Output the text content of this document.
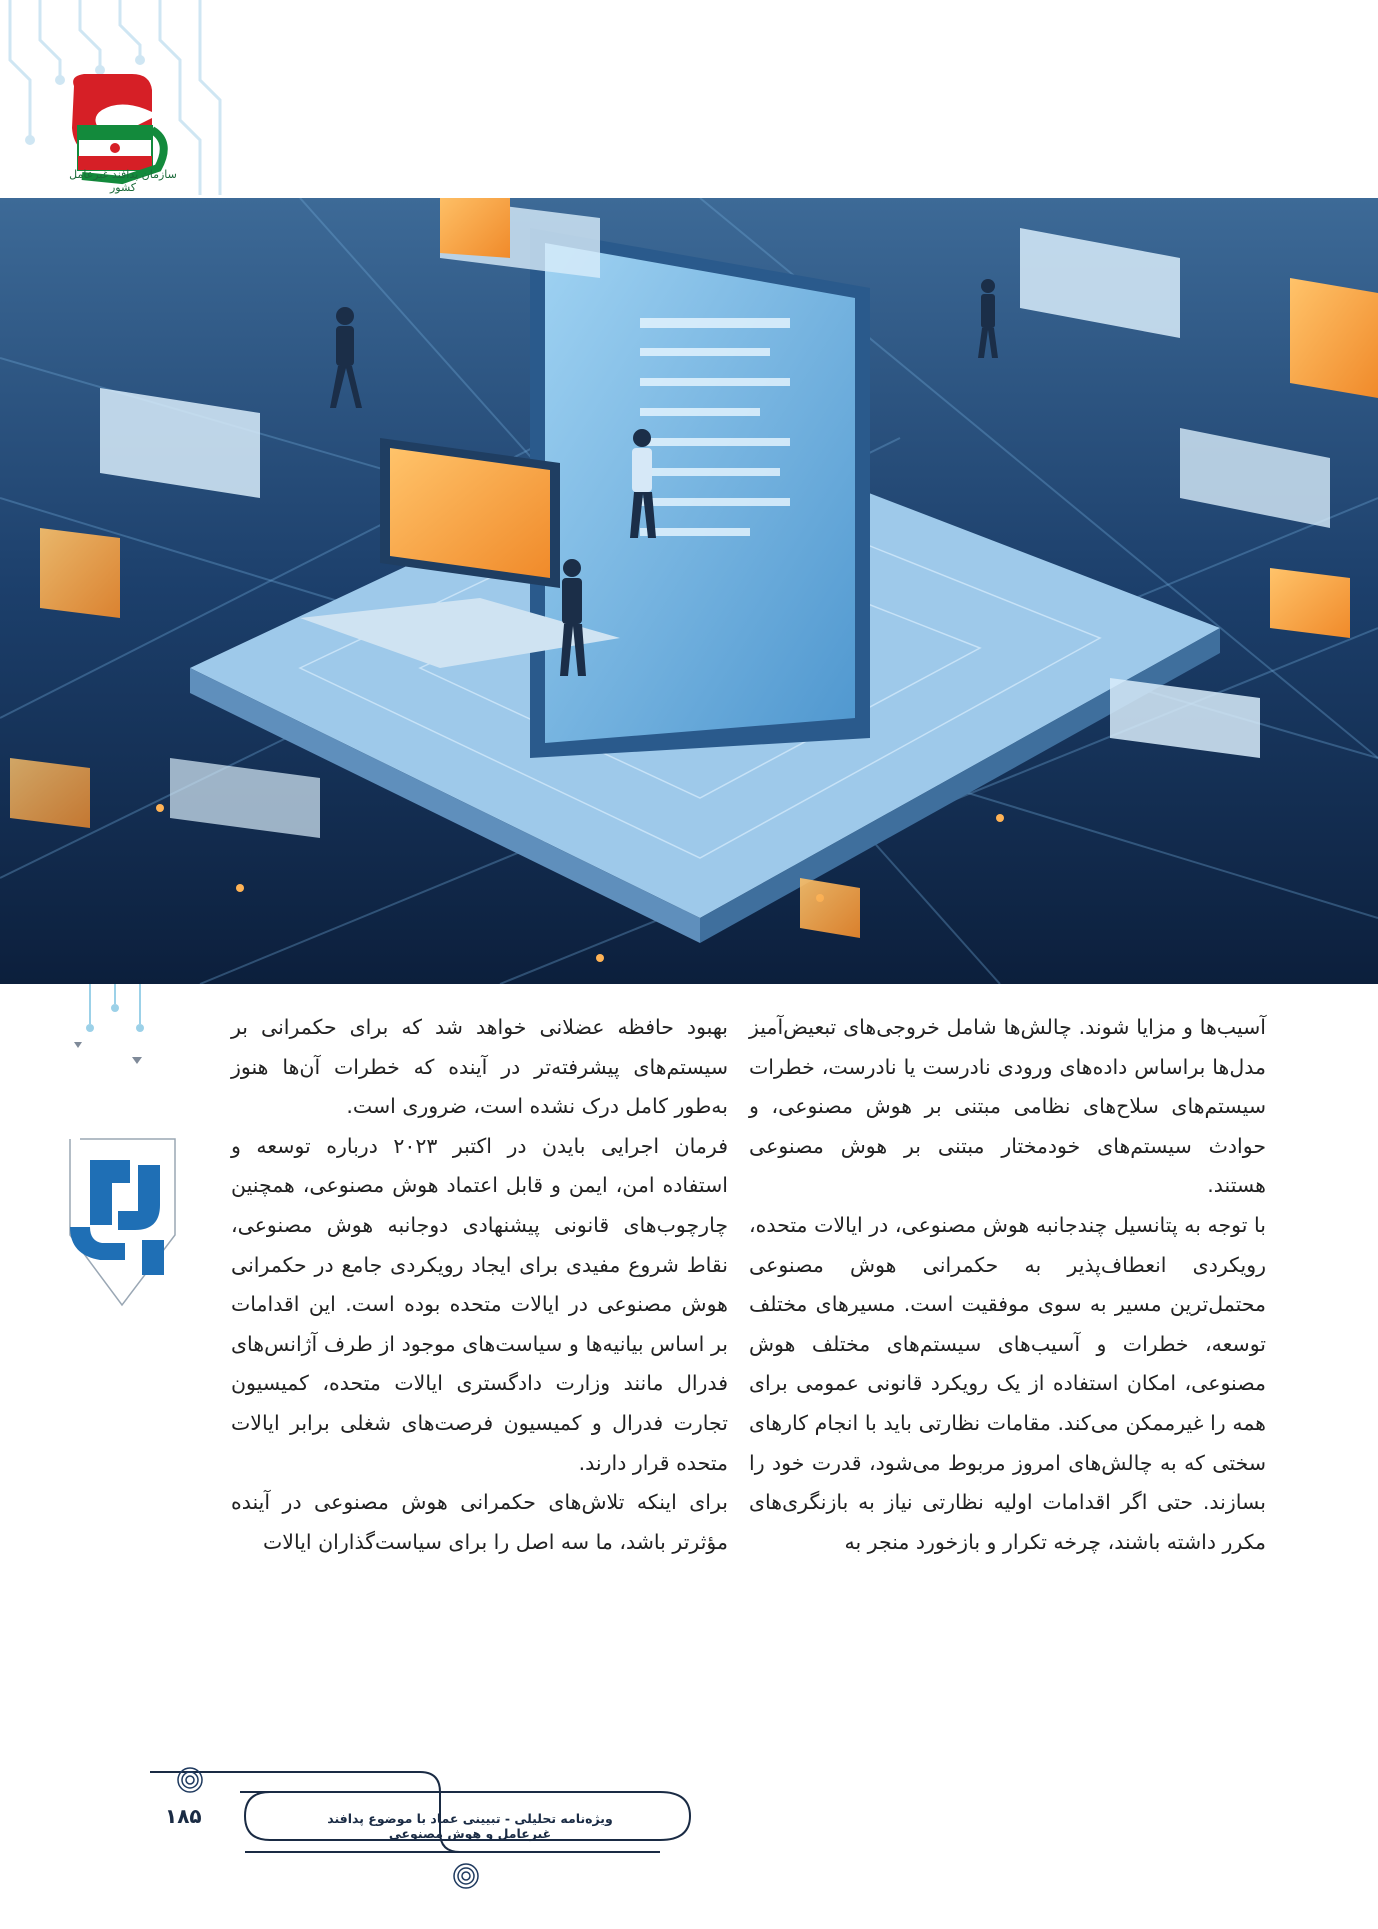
سازمان پدافند غیرعامل کشور

آسیب‌ها و مزایا شوند. چالش‌ها شامل خروجی‌های تبعیض‌آمیز مدل‌ها براساس داده‌های ورودی نادرست یا نادرست، خطرات سیستم‌های سلاح‌های نظامی مبتنی بر هوش مصنوعی، و حوادث سیستم‌های خودمختار مبتنی بر هوش مصنوعی هستند.

با توجه به پتانسیل چندجانبه هوش مصنوعی، در ایالات متحده، رویکردی انعطاف‌پذیر به حکمرانی هوش مصنوعی محتمل‌ترین مسیر به سوی موفقیت است. مسیرهای مختلف توسعه، خطرات و آسیب‌های سیستم‌های مختلف هوش مصنوعی، امکان استفاده از یک رویکرد قانونی عمومی برای همه را غیرممکن می‌کند. مقامات نظارتی باید با انجام کارهای سختی که به چالش‌های امروز مربوط می‌شود، قدرت خود را بسازند. حتی اگر اقدامات اولیه نظارتی نیاز به بازنگری‌های مکرر داشته باشند، چرخه تکرار و بازخورد منجر به

بهبود حافظه عضلانی خواهد شد که برای حکمرانی بر سیستم‌های پیشرفته‌تر در آینده که خطرات آن‌ها هنوز به‌طور کامل درک نشده است، ضروری است.

فرمان اجرایی بایدن در اکتبر ۲۰۲۳ درباره توسعه و استفاده امن، ایمن و قابل اعتماد هوش مصنوعی، همچنین چارچوب‌های قانونی پیشنهادی دوجانبه هوش مصنوعی، نقاط شروع مفیدی برای ایجاد رویکردی جامع در حکمرانی هوش مصنوعی در ایالات متحده بوده است. این اقدامات بر اساس بیانیه‌ها و سیاست‌های موجود از طرف آژانس‌های فدرال مانند وزارت دادگستری ایالات متحده، کمیسیون تجارت فدرال و کمیسیون فرصت‌های شغلی برابر ایالات متحده قرار دارند.

برای اینکه تلاش‌های حکمرانی هوش مصنوعی در آینده مؤثرتر باشد، ما سه اصل را برای سیاست‌گذاران ایالات

۱۸۵	ویژه‌نامه تحلیلی - تبیینی عماد با موضوع پدافند غیرعامل و هوش مصنوعی
